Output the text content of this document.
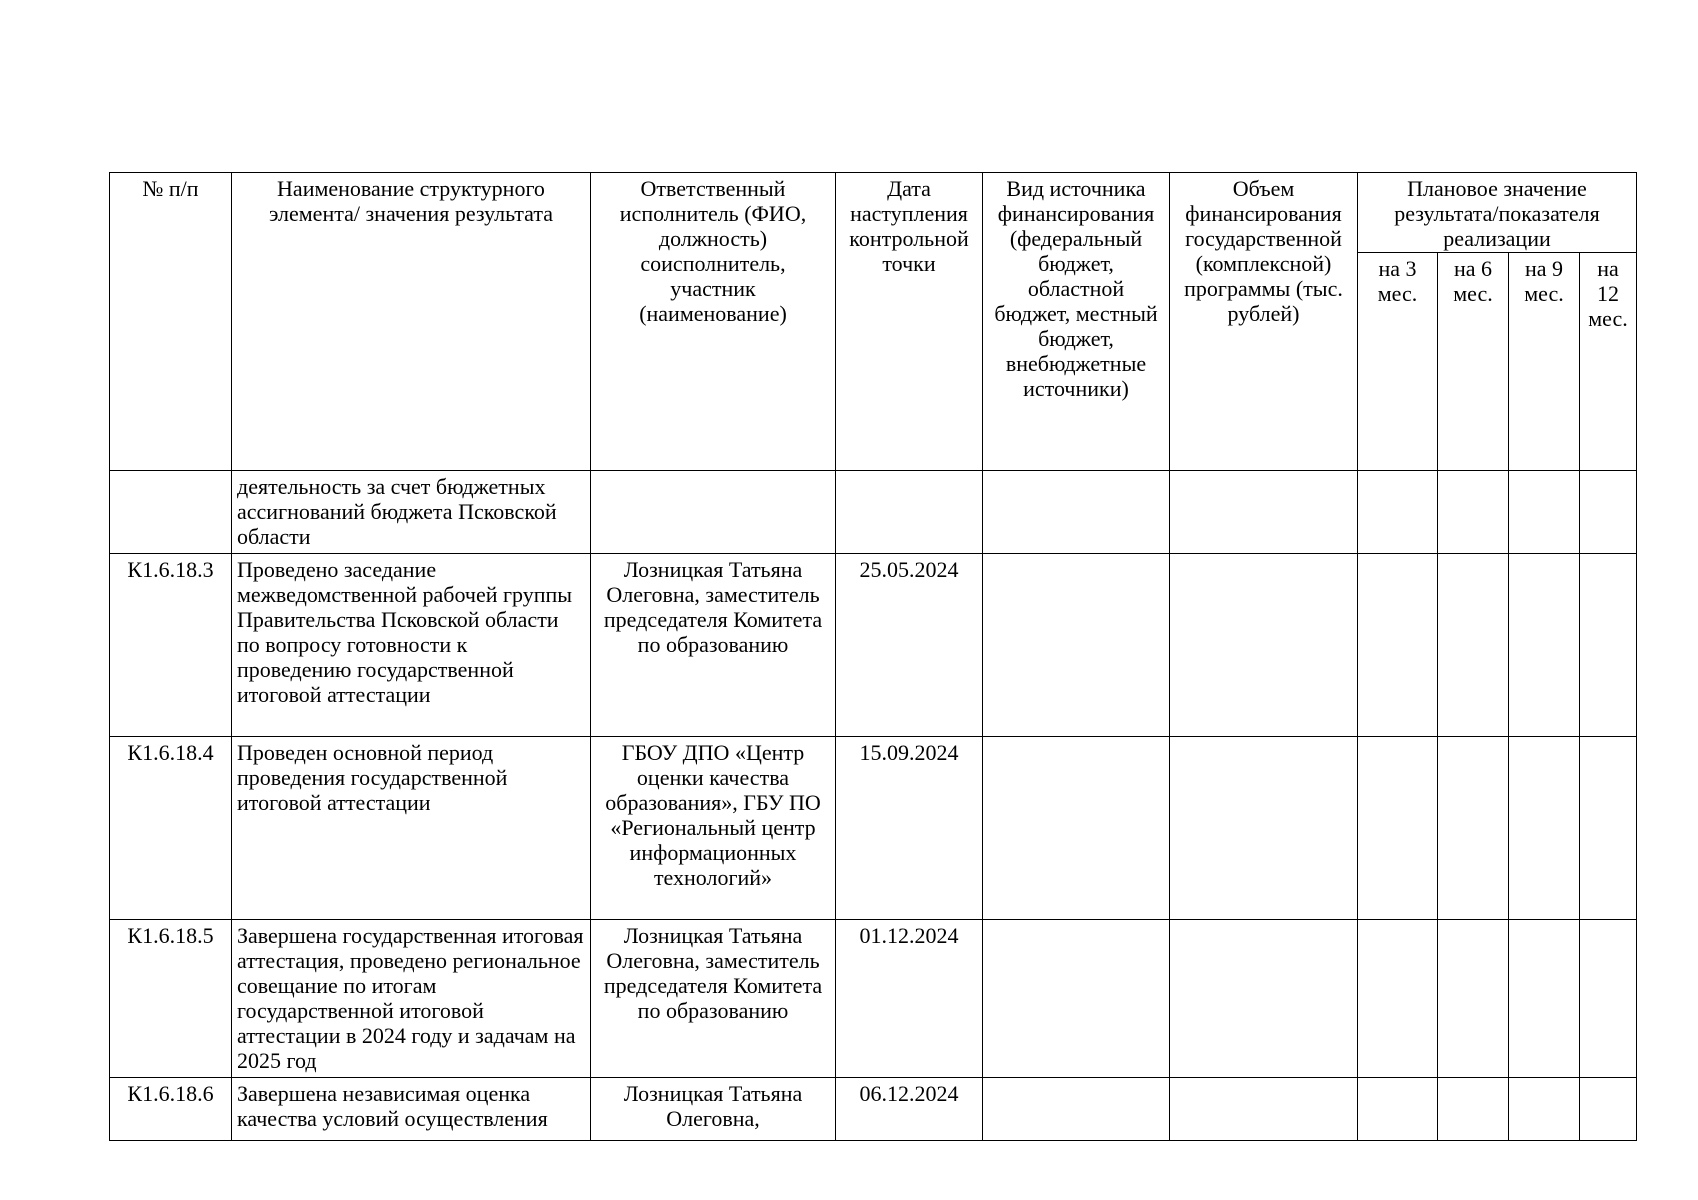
№ п/п	Наименование структурного элемента/ значения результата	Ответственный исполнитель (ФИО, должность) соисполнитель, участник (наименование)	Дата наступления контрольной точки	Вид источника финансирования (федеральный бюджет, областной бюджет, местный бюджет, внебюджетные источники)	Объем финансирования государственной (комплексной) программы (тыс. рублей)	Плановое значение результата/показателя реализации			
						на 3 мес.	на 6 мес.	на 9 мес.	на 12 мес.
	деятельность за счет бюджетных ассигнований бюджета Псковской области								
К1.6.18.3	Проведено заседание межведомственной рабочей группы Правительства Псковской области по вопросу готовности к проведению государственной итоговой аттестации	Лозницкая Татьяна Олеговна, заместитель председателя Комитета по образованию	25.05.2024						
К1.6.18.4	Проведен основной период проведения государственной итоговой аттестации	ГБОУ ДПО «Центр оценки качества образования», ГБУ ПО «Региональный центр информационных технологий»	15.09.2024						
К1.6.18.5	Завершена государственная итоговая аттестация, проведено региональное совещание по итогам государственной итоговой аттестации в 2024 году и задачам на 2025 год	Лозницкая Татьяна Олеговна, заместитель председателя Комитета по образованию	01.12.2024						
К1.6.18.6	Завершена независимая оценка качества условий осуществления	Лозницкая Татьяна Олеговна,	06.12.2024						
